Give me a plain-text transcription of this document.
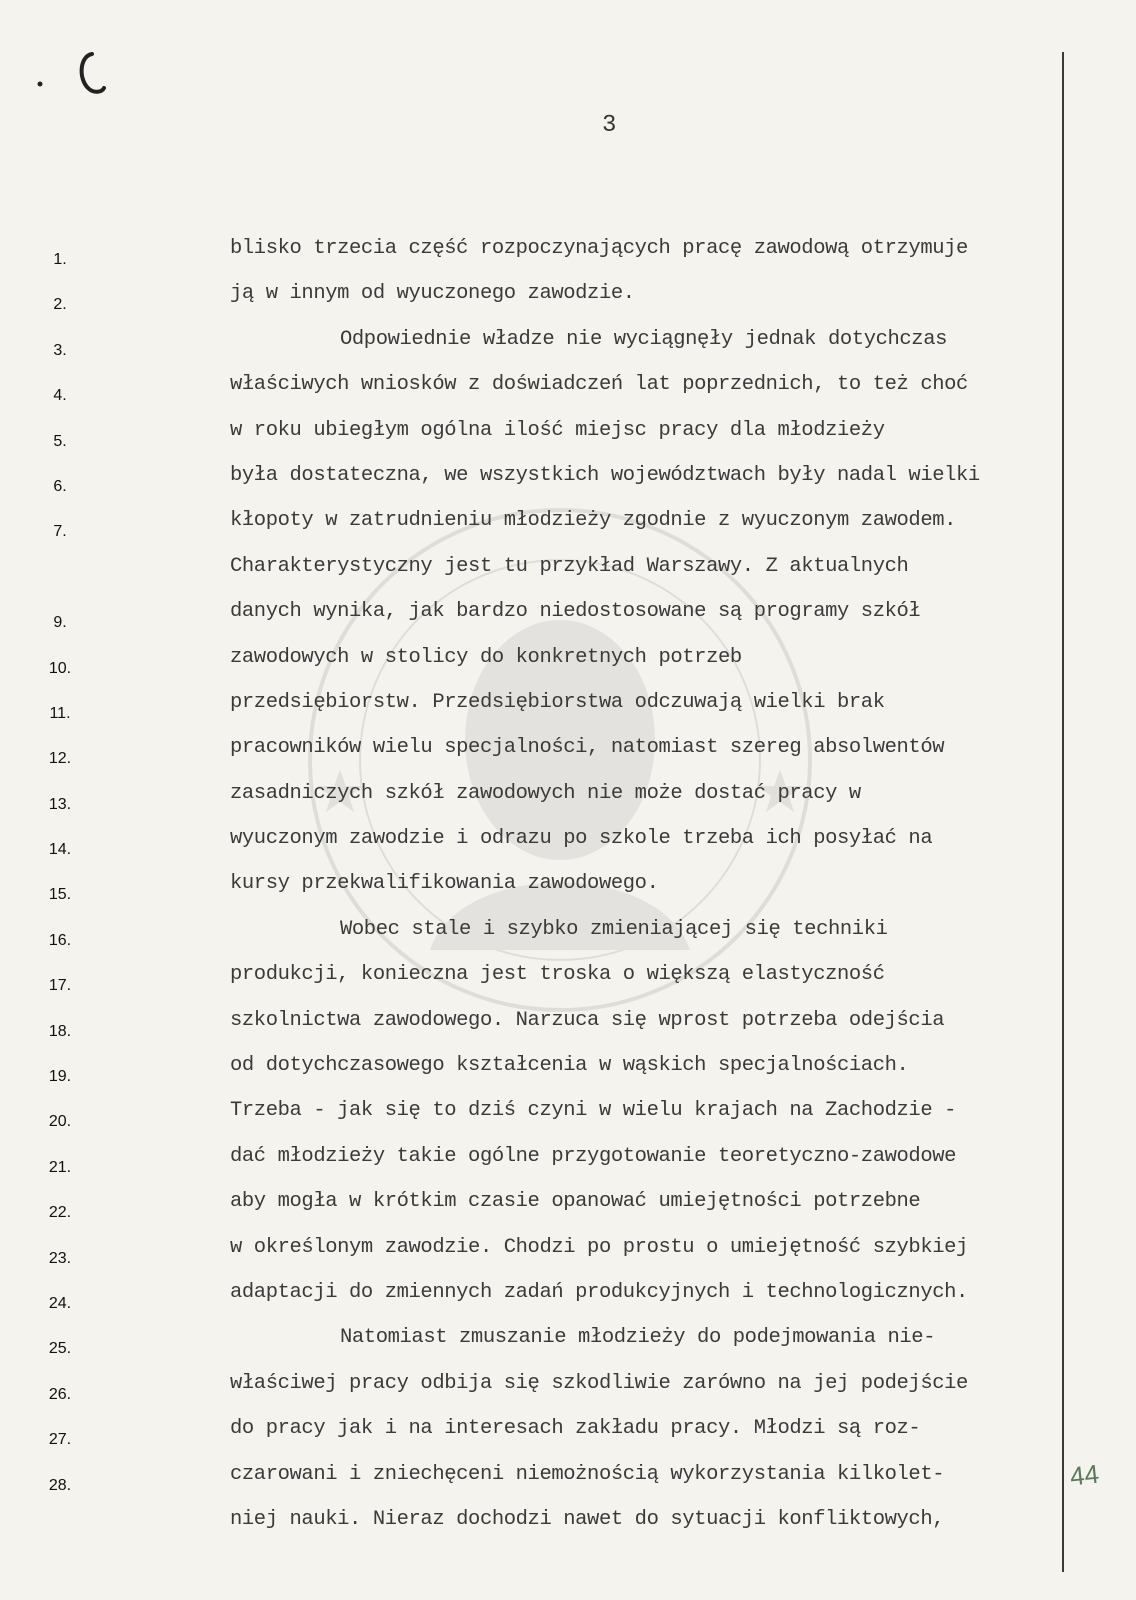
3
1.
2.
3.
4.
5.
6.
7.
9.
10.
11.
12.
13.
14.
15.
16.
17.
18.
19.
20.
21.
22.
23.
24.
25.
26.
27.
28.
blisko trzecia część rozpoczynających pracę zawodową otrzymuje
ją w innym od wyuczonego zawodzie.
Odpowiednie władze nie wyciągnęły jednak dotychczas
właściwych wniosków z doświadczeń lat poprzednich, to też choć
w roku ubiegłym ogólna ilość miejsc pracy dla młodzieży
była dostateczna, we wszystkich województwach były nadal wielki
kłopoty w zatrudnieniu młodzieży zgodnie z wyuczonym zawodem.
Charakterystyczny jest tu przykład Warszawy. Z aktualnych
danych wynika, jak bardzo niedostosowane są programy szkół
zawodowych w stolicy do konkretnych potrzeb
przedsiębiorstw. Przedsiębiorstwa odczuwają wielki brak
pracowników wielu specjalności, natomiast szereg absolwentów
zasadniczych szkół zawodowych nie może dostać pracy w
wyuczonym zawodzie i odrazu po szkole trzeba ich posyłać na
kursy przekwalifikowania zawodowego.
Wobec stale i szybko zmieniającej się techniki
produkcji, konieczna jest troska o większą elastyczność
szkolnictwa zawodowego. Narzuca się wprost potrzeba odejścia
od dotychczasowego kształcenia w wąskich specjalnościach.
Trzeba - jak się to dziś czyni w wielu krajach na Zachodzie -
dać młodzieży takie ogólne przygotowanie teoretyczno-zawodowe
aby mogła w krótkim czasie opanować umiejętności potrzebne
w określonym zawodzie. Chodzi po prostu o umiejętność szybkiej
adaptacji do zmiennych zadań produkcyjnych i technologicznych.
Natomiast zmuszanie młodzieży do podejmowania nie-
właściwej pracy odbija się szkodliwie zarówno na jej podejście
do pracy jak i na interesach zakładu pracy. Młodzi są roz-
czarowani i zniechęceni niemożnością wykorzystania kilkolet-
niej nauki. Nieraz dochodzi nawet do sytuacji konfliktowych,
44
